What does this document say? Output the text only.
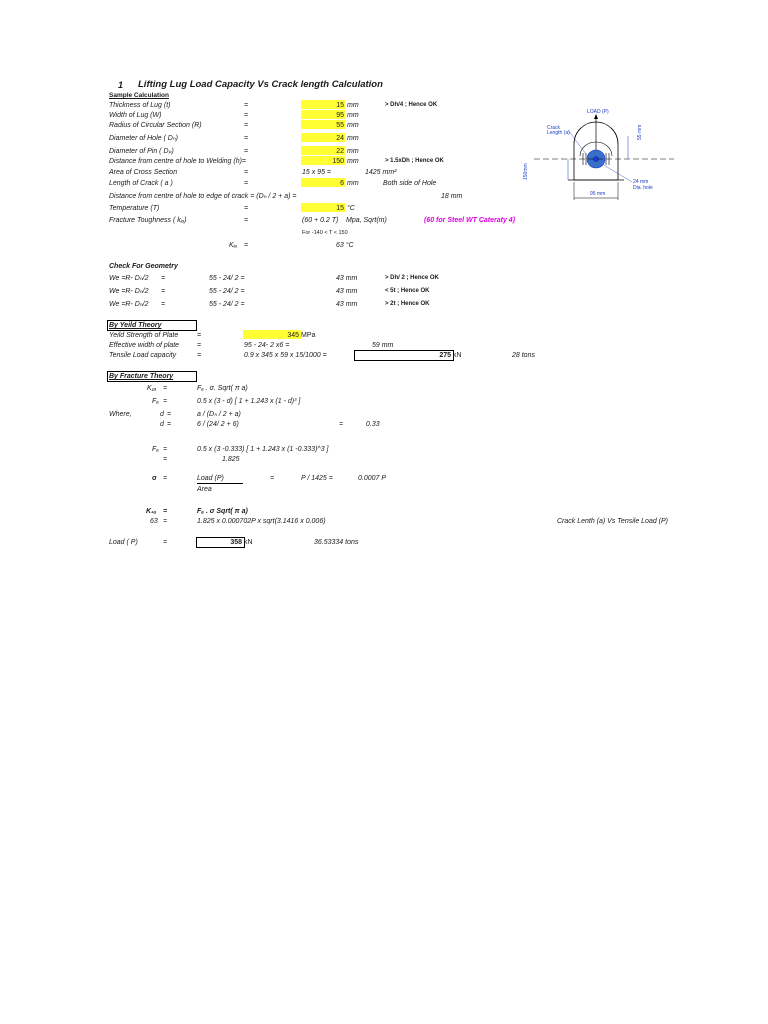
1 Lifting Lug Load Capacity Vs Crack length Calculation
Sample Calculation
Thickness of Lug (t)	=	15 mm	> Dh/4 ; Hence OK
Width of Lug (W)	=	95 mm
Radius of Circular Section (R)	=	55 mm
Diameter of Hole ( Dₕ)	=	24 mm
Diameter of Pin ( Dₚ)	=	22 mm
Distance from centre of hole to Welding (h)=	150 mm	> 1.5xDh ; Hence OK
Area of Cross Section	=	15 x 95 =	1425 mm²
Length of Crack ( a )	=	6 mm	Both side of Hole
Distance from centre of hole to edge of crack = (Dₕ / 2 + a) =	18 mm
Temperature (T)	=	15 °C
Fracture Toughness ( kᵢₐ)	=	(60 + 0.2 T) Mpa, Sqrt(m)	(60 for Steel WT Cateraty 4)
For -140 < T < 150
Kᵢₐ =	63 °C
Check For Geometry
We =R- Dₕ/2 =	55 - 24/ 2 =	43 mm	> Dh/ 2 ; Hence OK
We =R- Dₕ/2 =	55 - 24/ 2 =	43 mm	< 5t ; Hence OK
We =R- Dₕ/2 =	55 - 24/ 2 =	43 mm	> 2t ; Hence OK
By Yeild Theory
Yeild Strength of Plate	=	345 MPa
Effective width of plate	=	95 - 24- 2 x6 =	59 mm
Tensile Load capacity	=	0.9 x 345 x 59 x 15/1000 =	275 kN	28 tons
By Fracture Theory
K₁ₐ =	Fₐ . σ. Sqrt( π a)
Fₐ =	0.5 x (3 - d) [ 1 + 1.243 x (1 - d)³ ]
Where,	d =	a / (Dₕ / 2 + a)
d =	6 / (24/ 2 + 6)	=	0.33
Fₐ =	0.5 x (3 -0.333) [ 1 + 1.243 x (1 -0.333)^3 ]
=	1.825
σ =	Load (P)
Area
=	P / 1425 =	0.0007 P
K₁ₐ =	Fₐ . σ Sqrt( π a)
63 =	1.825 x 0.000702P x sqrt(3.1416 x 0.006)	Crack Lenth (a) Vs Tensile Load (P)
Load ( P)	=	358 kN	36.53334 tons
LOAD (P)
Crack
Length (a)	55 mm
150mm
95 mm
24 mm
Dia. hole
